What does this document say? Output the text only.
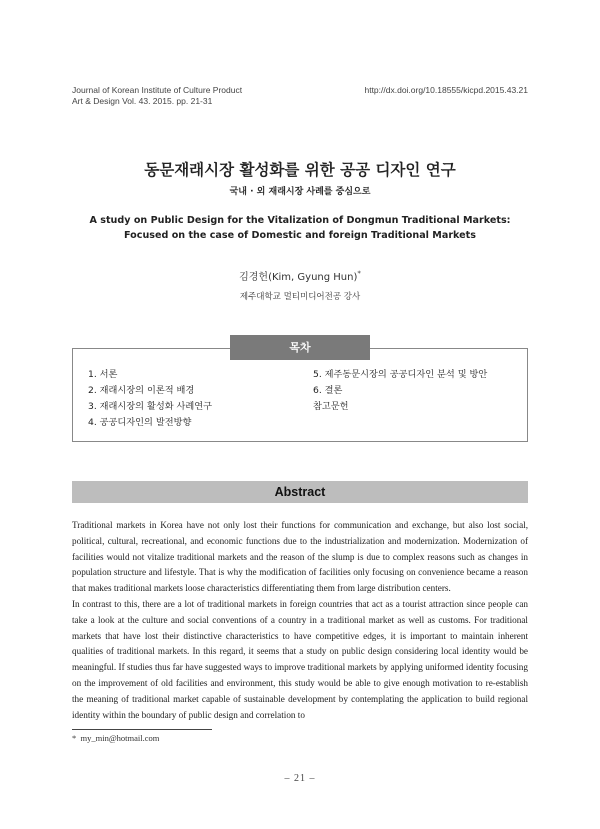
Journal of Korean Institute of Culture Product
Art & Design Vol. 43. 2015. pp. 21-31
http://dx.doi.org/10.18555/kicpd.2015.43.21
동문재래시장 활성화를 위한 공공 디자인 연구
국내 · 외 재래시장 사례를 중심으로
A study on Public Design for the Vitalization of Dongmun Traditional Markets:
Focused on the case of Domestic and foreign Traditional Markets
김경헌(Kim, Gyung Hun)*
제주대학교 멀티미디어전공 강사
목차
1. 서론
2. 재래시장의 이론적 배경
3. 재래시장의 활성화 사례연구
4. 공공디자인의 발전방향
5. 제주동문시장의 공공디자인 분석 및 방안
6. 결론
참고문헌
Abstract

Traditional markets in Korea have not only lost their functions for communication and exchange, but also lost social, political, cultural, recreational, and economic functions due to the industrialization and modernization. Modernization of facilities would not vitalize traditional markets and the reason of the slump is due to complex reasons such as changes in population structure and lifestyle. That is why the modification of facilities only focusing on convenience became a reason that makes traditional markets loose characteristics differentiating them from large distribution centers.

In contrast to this, there are a lot of traditional markets in foreign countries that act as a tourist attraction since people can take a look at the culture and social conventions of a country in a traditional market as well as customs. For traditional markets that have lost their distinctive characteristics to have competitive edges, it is important to maintain inherent qualities of traditional markets. In this regard, it seems that a study on public design considering local identity would be meaningful. If studies thus far have suggested ways to improve traditional markets by applying uniformed identity focusing on the improvement of old facilities and environment, this study would be able to give enough motivation to re-establish the meaning of traditional market capable of sustainable development by contemplating the application to build regional identity within the boundary of public design and correlation to

* my_min@hotmail.com
– 21 –
